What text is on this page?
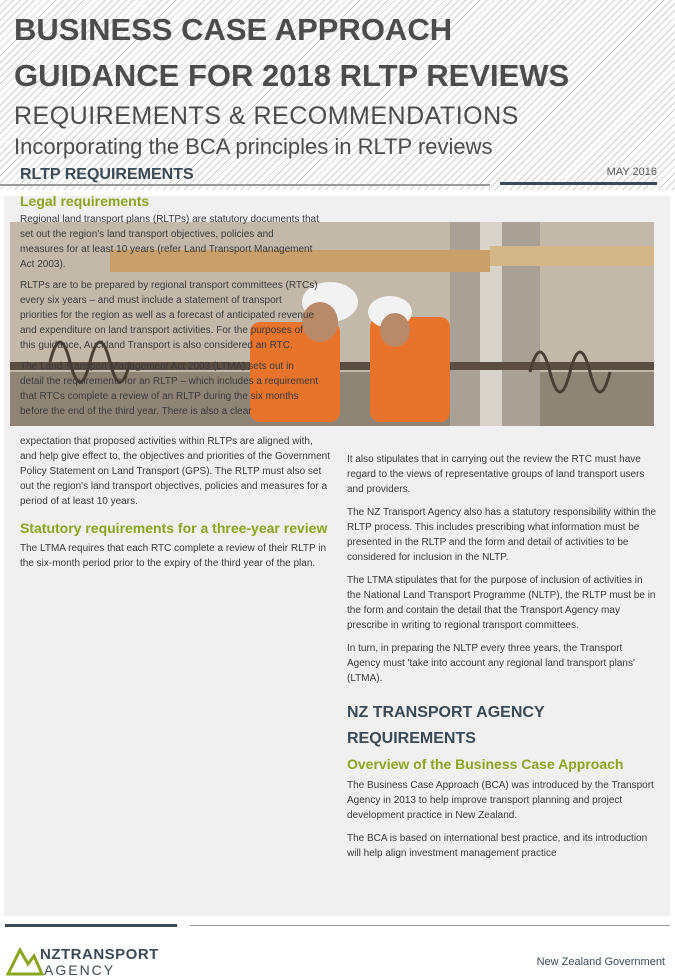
BUSINESS CASE APPROACH
GUIDANCE FOR 2018 RLTP REVIEWS
REQUIREMENTS & RECOMMENDATIONS
Incorporating the BCA principles in RLTP reviews
RLTP REQUIREMENTS	MAY 2016
Legal requirements

Regional land transport plans (RLTPs) are statutory documents that set out the region's land transport objectives, policies and measures for at least 10 years (refer Land Transport Management Act 2003).

RLTPs are to be prepared by regional transport committees (RTCs) every six years – and must include a statement of transport priorities for the region as well as a forecast of anticipated revenue and expenditure on land transport activities. For the purposes of this guidance, Auckland Transport is also considered an RTC.

The Land Transport Management Act 2003 (LTMA) sets out in detail the requirements for an RLTP – which includes a requirement that RTCs complete a review of an RLTP during the six months before the end of the third year. There is also a clear

expectation that proposed activities within RLTPs are aligned with, and help give effect to, the objectives and priorities of the Government Policy Statement on Land Transport (GPS). The RLTP must also set out the region's land transport objectives, policies and measures for a period of at least 10 years.

Statutory requirements for a three-year review

The LTMA requires that each RTC complete a review of their RLTP in the six-month period prior to the expiry of the third year of the plan.

It also stipulates that in carrying out the review the RTC must have regard to the views of representative groups of land transport users and providers.

The NZ Transport Agency also has a statutory responsibility within the RLTP process. This includes prescribing what information must be presented in the RLTP and the form and detail of activities to be considered for inclusion in the NLTP.

The LTMA stipulates that for the purpose of inclusion of activities in the National Land Transport Programme (NLTP), the RLTP must be in the form and contain the detail that the Transport Agency may prescribe in writing to regional transport committees.

In turn, in preparing the NLTP every three years, the Transport Agency must 'take into account any regional land transport plans' (LTMA).

NZ TRANSPORT AGENCY REQUIREMENTS
Overview of the Business Case Approach

The Business Case Approach (BCA) was introduced by the Transport Agency in 2013 to help improve transport planning and project development practice in New Zealand.

The BCA is based on international best practice, and its introduction will help align investment management practice

NZTRANSPORT
AGENCY	New Zealand Government
